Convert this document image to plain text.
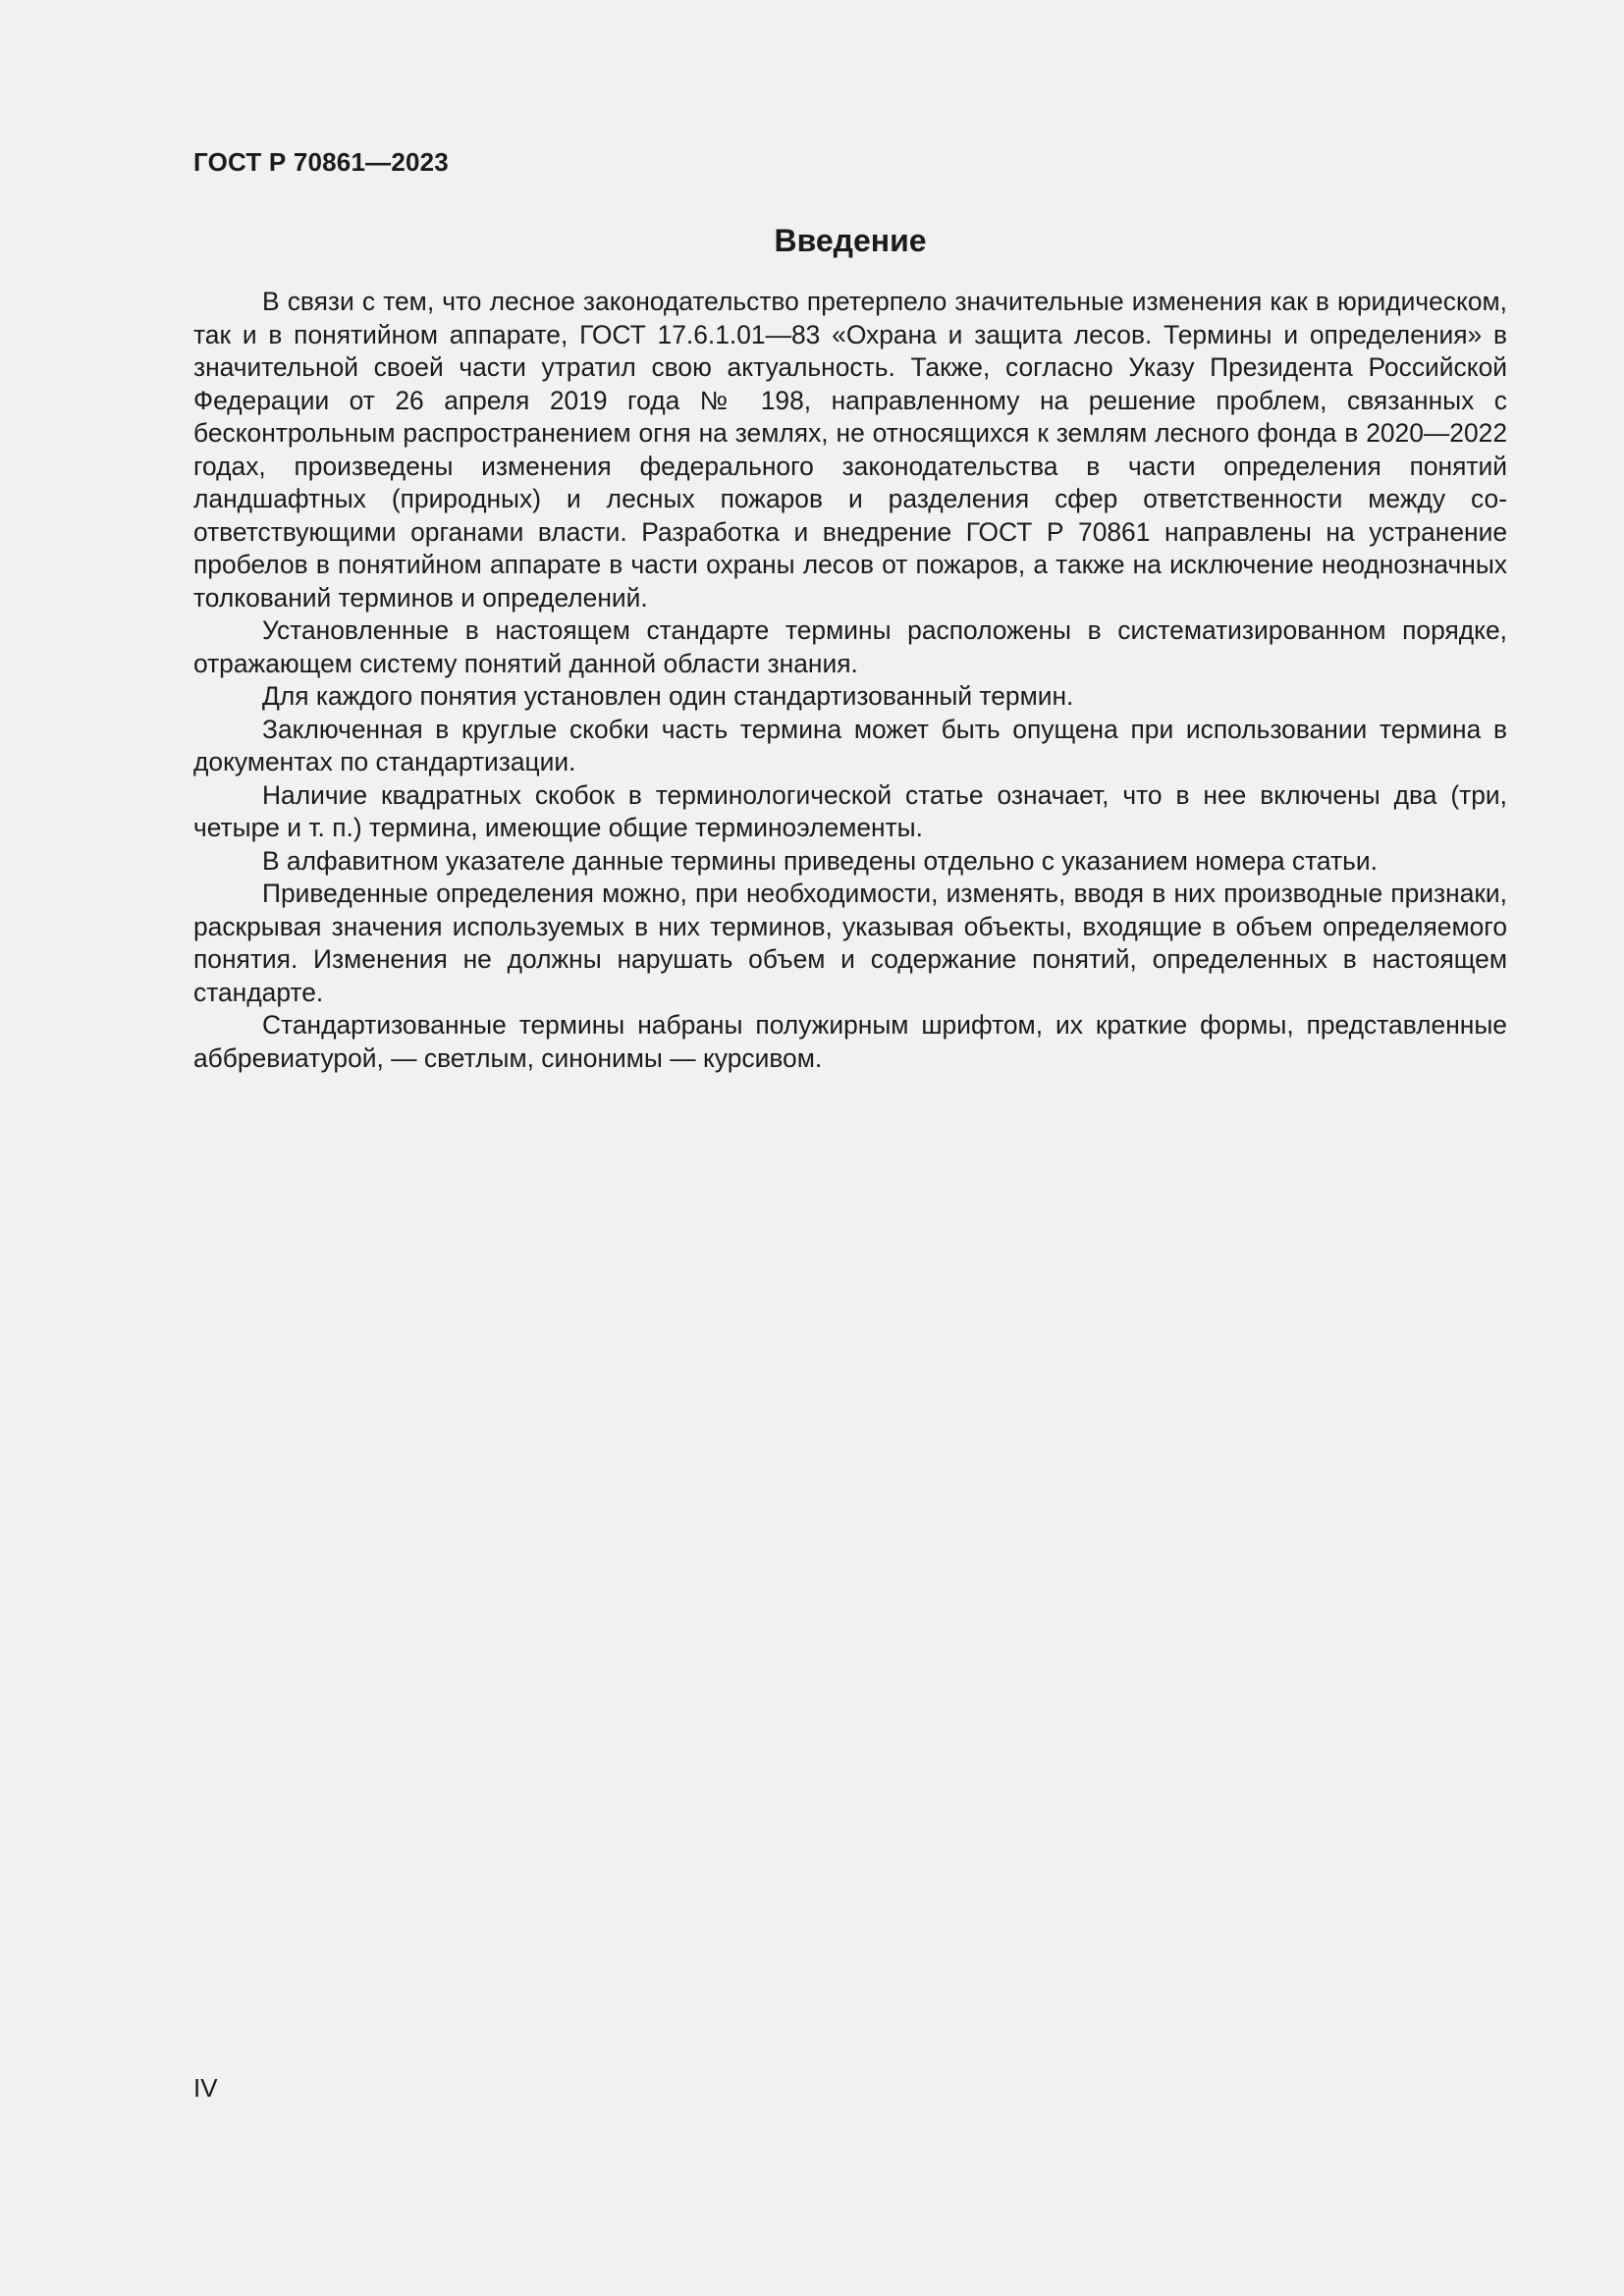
ГОСТ Р 70861—2023
Введение

В связи с тем, что лесное законодательство претерпело значительные изменения как в юридическом, так и в понятийном аппарате, ГОСТ 17.6.1.01—83 «Охрана и защита лесов. Термины и определения» в значительной своей части утратил свою актуальность. Также, согласно Указу Президента Российской Федерации от 26 апреля 2019 года № 198, направленному на решение проблем, связанных с бесконтрольным распространением огня на землях, не относящихся к землям лесного фонда в 2020—2022 годах, произведены изменения федерального законодательства в части определения понятий ландшафтных (природных) и лесных пожаров и разделения сфер ответственности между соответствующими органами власти. Разработка и внедрение ГОСТ Р 70861 направлены на устранение пробелов в понятийном аппарате в части охраны лесов от пожаров, а также на исключение неоднозначных толкований терминов и определений.

Установленные в настоящем стандарте термины расположены в систематизированном порядке, отражающем систему понятий данной области знания.

Для каждого понятия установлен один стандартизованный термин.

Заключенная в круглые скобки часть термина может быть опущена при использовании термина в документах по стандартизации.

Наличие квадратных скобок в терминологической статье означает, что в нее включены два (три, четыре и т. п.) термина, имеющие общие терминоэлементы.

В алфавитном указателе данные термины приведены отдельно с указанием номера статьи.

Приведенные определения можно, при необходимости, изменять, вводя в них производные признаки, раскрывая значения используемых в них терминов, указывая объекты, входящие в объем определяемого понятия. Изменения не должны нарушать объем и содержание понятий, определенных в настоящем стандарте.

Стандартизованные термины набраны полужирным шрифтом, их краткие формы, представленные аббревиатурой, — светлым, синонимы — курсивом.

IV
